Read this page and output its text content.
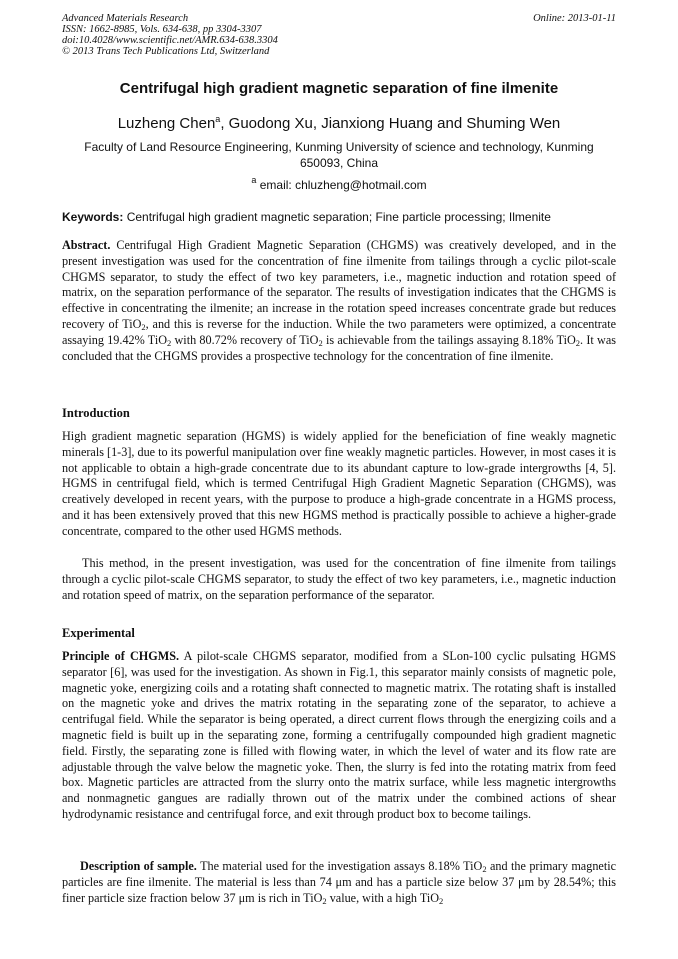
Advanced Materials Research
ISSN: 1662-8985, Vols. 634-638, pp 3304-3307
doi:10.4028/www.scientific.net/AMR.634-638.3304
© 2013 Trans Tech Publications Ltd, Switzerland
Online: 2013-01-11
Centrifugal high gradient magnetic separation of fine ilmenite
Luzheng Chen$^a$, Guodong Xu, Jianxiong Huang and Shuming Wen
Faculty of Land Resource Engineering, Kunming University of science and technology, Kunming 650093, China
$^a$ email: chluzheng@hotmail.com
Keywords: Centrifugal high gradient magnetic separation; Fine particle processing; Ilmenite
Abstract. Centrifugal High Gradient Magnetic Separation (CHGMS) was creatively developed, and in the present investigation was used for the concentration of fine ilmenite from tailings through a cyclic pilot-scale CHGMS separator, to study the effect of two key parameters, i.e., magnetic induction and rotation speed of matrix, on the separation performance of the separator. The results of investigation indicates that the CHGMS is effective in concentrating the ilmenite; an increase in the rotation speed increases concentrate grade but reduces recovery of TiO$_2$, and this is reverse for the induction. While the two parameters were optimized, a concentrate assaying 19.42% TiO$_2$ with 80.72% recovery of TiO$_2$ is achievable from the tailings assaying 8.18% TiO$_2$. It was concluded that the CHGMS provides a prospective technology for the concentration of fine ilmenite.
Introduction
High gradient magnetic separation (HGMS) is widely applied for the beneficiation of fine weakly magnetic minerals [1-3], due to its powerful manipulation over fine weakly magnetic particles. However, in most cases it is not applicable to obtain a high-grade concentrate due to its abundant capture to low-grade intergrowths [4, 5]. HGMS in centrifugal field, which is termed Centrifugal High Gradient Magnetic Separation (CHGMS), was creatively developed in recent years, with the purpose to produce a high-grade concentrate in a HGMS process, and it has been extensively proved that this new HGMS method is practically possible to achieve a higher-grade concentrate, compared to the other used HGMS methods.
This method, in the present investigation, was used for the concentration of fine ilmenite from tailings through a cyclic pilot-scale CHGMS separator, to study the effect of two key parameters, i.e., magnetic induction and rotation speed of matrix, on the separation performance of the separator.
Experimental
Principle of CHGMS. A pilot-scale CHGMS separator, modified from a SLon-100 cyclic pulsating HGMS separator [6], was used for the investigation. As shown in Fig.1, this separator mainly consists of magnetic pole, magnetic yoke, energizing coils and a rotating shaft connected to magnetic matrix. The rotating shaft is installed on the magnetic yoke and drives the matrix rotating in the separating zone of the separator, to achieve a centrifugal field. While the separator is being operated, a direct current flows through the energizing coils and a magnetic field is built up in the separating zone, forming a centrifugally compounded high gradient magnetic field. Firstly, the separating zone is filled with flowing water, in which the level of water and its flow rate are adjustable through the valve below the magnetic yoke. Then, the slurry is fed into the rotating matrix from feed box. Magnetic particles are attracted from the slurry onto the matrix surface, while less magnetic intergrowths and nonmagnetic gangues are radially thrown out of the matrix under the combined actions of shear hydrodynamic resistance and centrifugal force, and exit through product box to become tailings.
Description of sample. The material used for the investigation assays 8.18% TiO$_2$ and the primary magnetic particles are fine ilmenite. The material is less than 74 μm and has a particle size below 37 μm by 28.54%; this finer particle size fraction below 37 μm is rich in TiO$_2$ value, with a high TiO$_2$
